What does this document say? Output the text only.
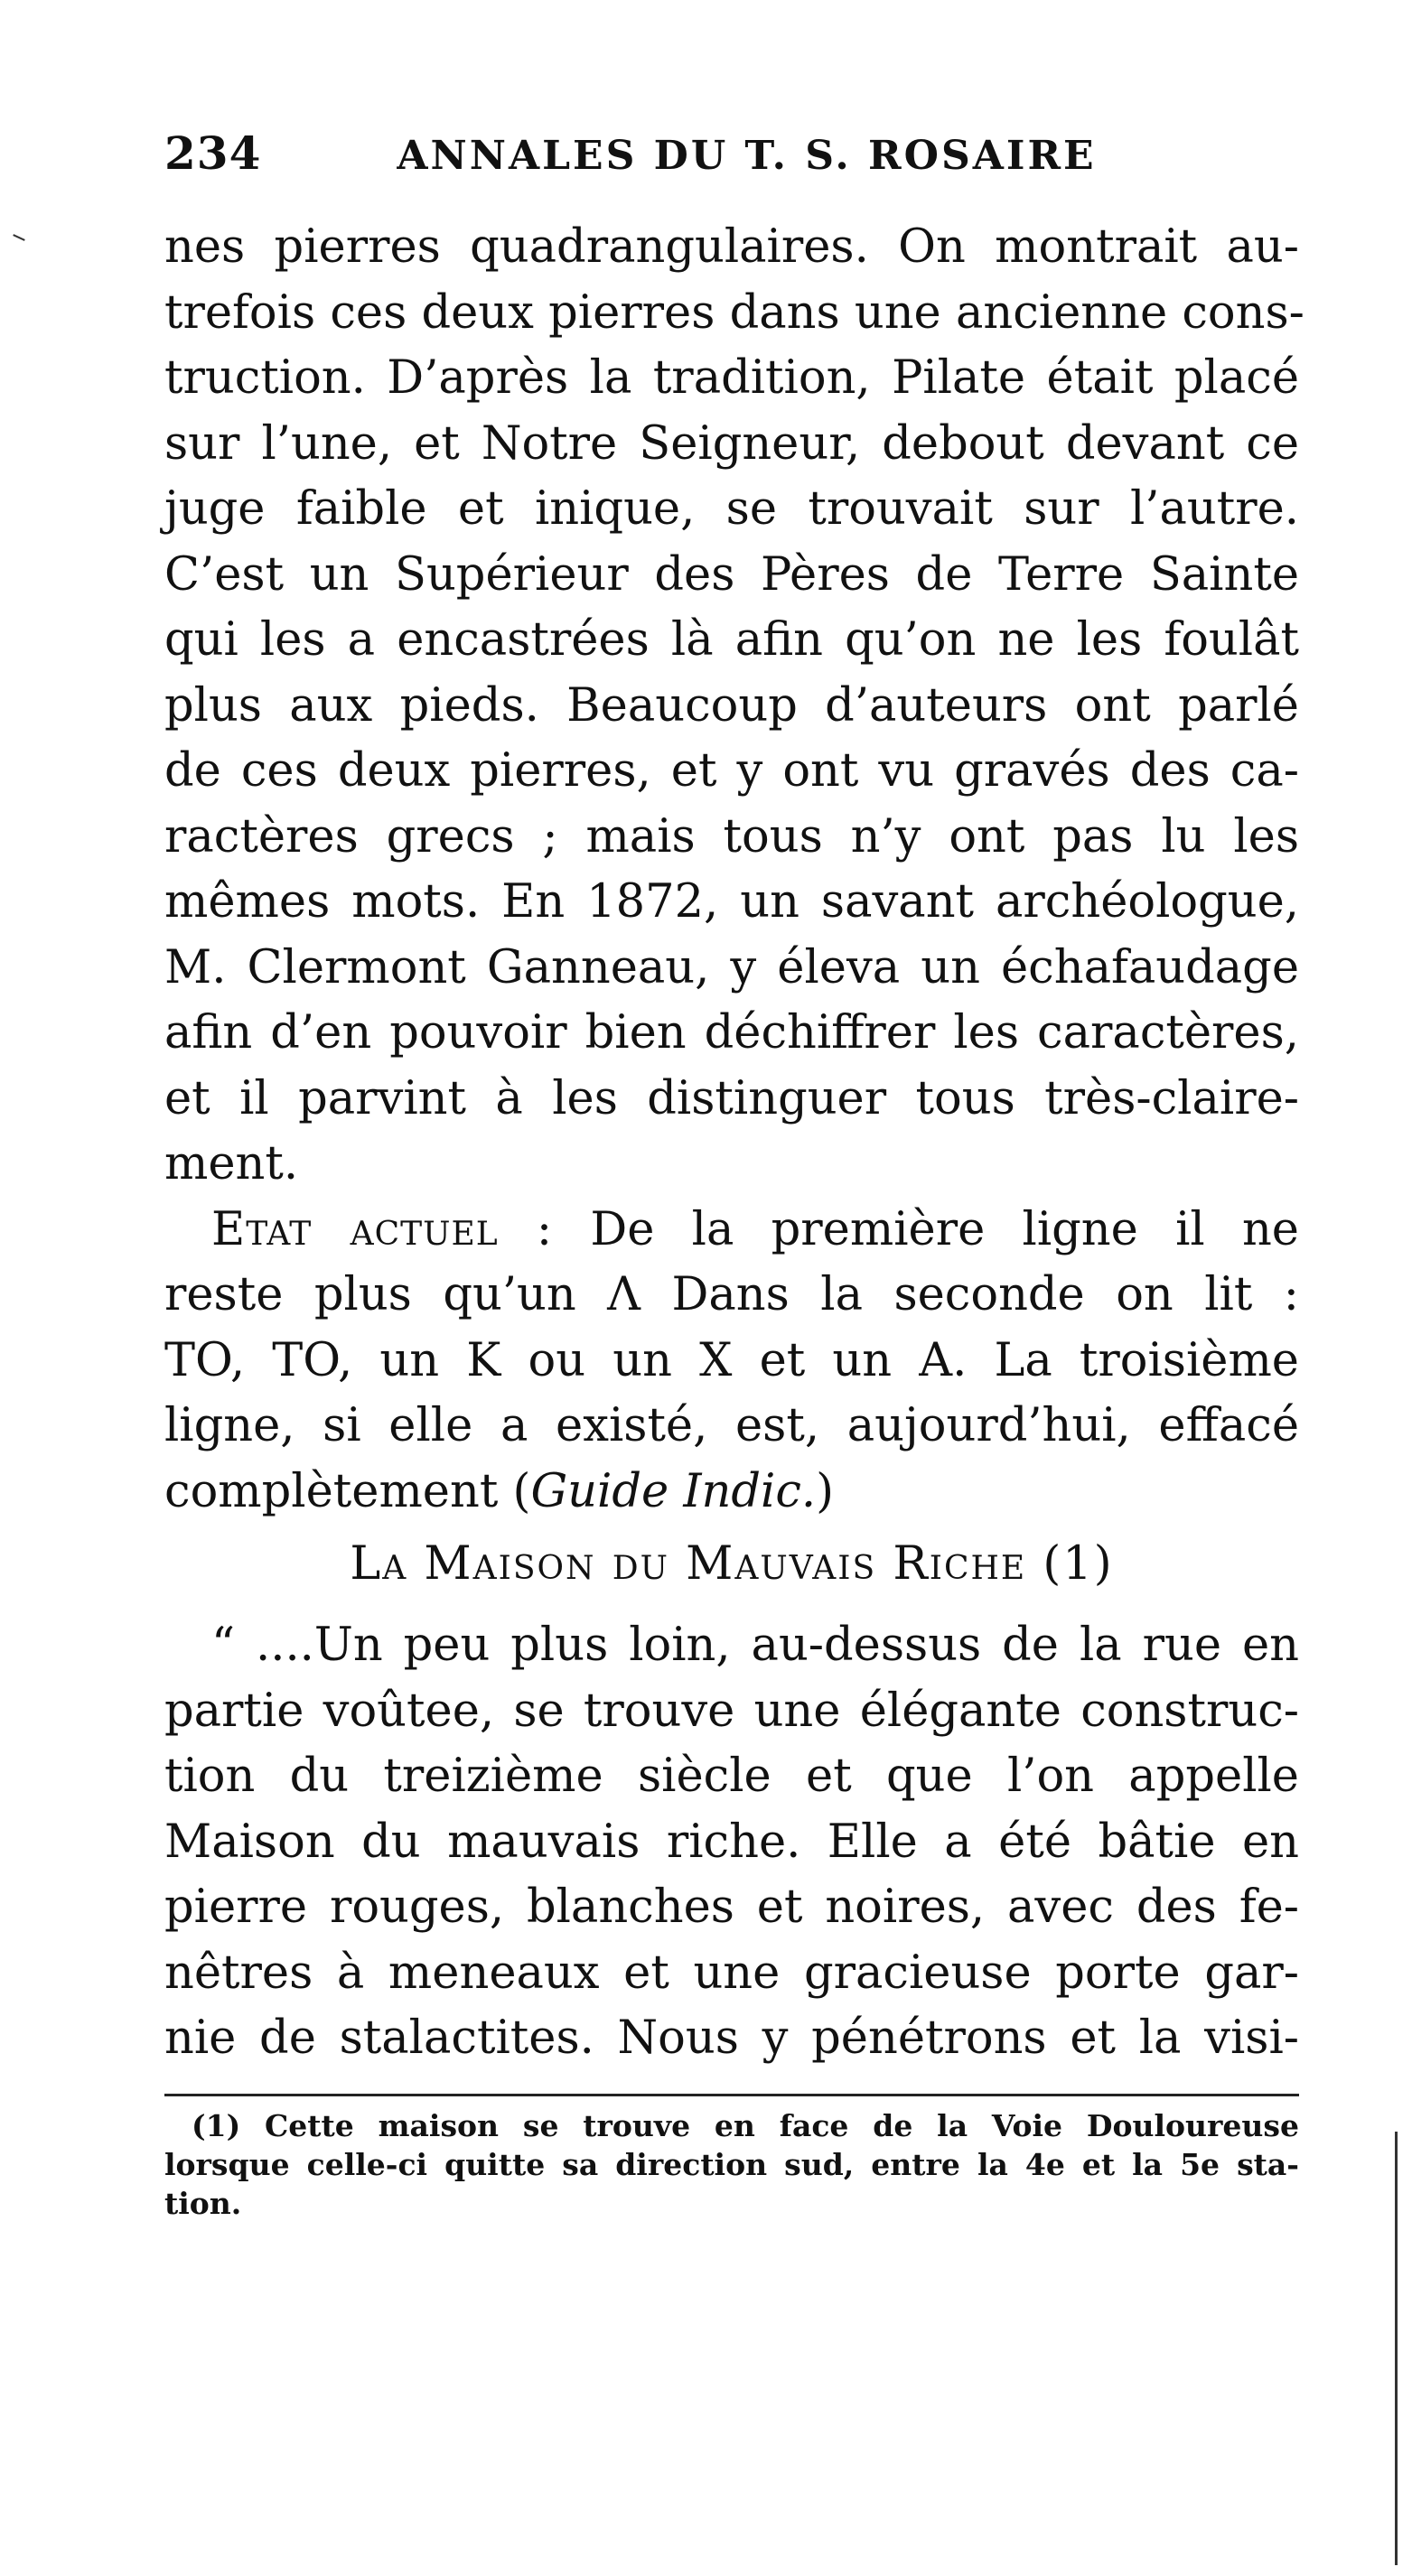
234	ANNALES DU T. S. ROSAIRE
nes pierres quadrangulaires. On montrait au-
trefois ces deux pierres dans une ancienne cons-
truction. D’après la tradition, Pilate était placé
sur l’une, et Notre Seigneur, debout devant ce
juge faible et inique, se trouvait sur l’autre.
C’est un Supérieur des Pères de Terre Sainte
qui les a encastrées là afin qu’on ne les foulât
plus aux pieds. Beaucoup d’auteurs ont parlé
de ces deux pierres, et y ont vu gravés des ca-
ractères grecs ; mais tous n’y ont pas lu les
mêmes mots. En 1872, un savant archéologue,
M. Clermont Ganneau, y éleva un échafaudage
afin d’en pouvoir bien déchiffrer les caractères,
et il parvint à les distinguer tous très-claire-
ment.
Etat actuel : De la première ligne il ne
reste plus qu’un Λ Dans la seconde on lit :
TO, TO, un K ou un X et un A. La troisième
ligne, si elle a existé, est, aujourd’hui, effacé
complètement (Guide Indic.)
La Maison du Mauvais Riche (1)
“ ....Un peu plus loin, au-dessus de la rue en
partie voûtee, se trouve une élégante construc-
tion du treizième siècle et que l’on appelle
Maison du mauvais riche. Elle a été bâtie en
pierre rouges, blanches et noires, avec des fe-
nêtres à meneaux et une gracieuse porte gar-
nie de stalactites. Nous y pénétrons et la visi-
(1) Cette maison se trouve en face de la Voie Douloureuse
lorsque celle-ci quitte sa direction sud, entre la 4e et la 5e sta-
tion.
